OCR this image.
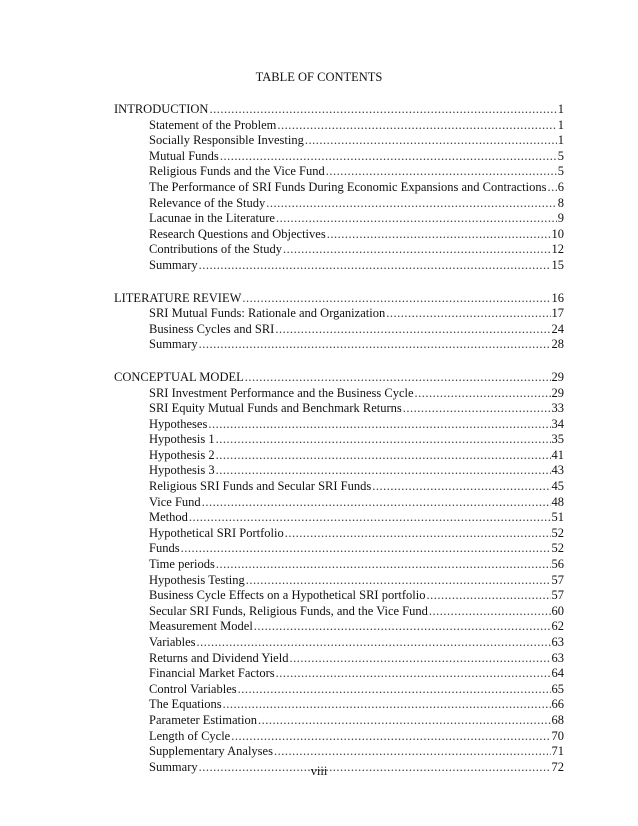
TABLE OF CONTENTS
INTRODUCTION .....	1
Statement of the Problem .....	1
Socially Responsible Investing .....	1
Mutual Funds .....	5
Religious Funds and the Vice Fund .....	5
The Performance of SRI Funds During Economic Expansions and Contractions ..... 6
Relevance of the Study .....	8
Lacunae in the Literature .....	9
Research Questions and Objectives .....	10
Contributions of the Study .....	12
Summary .....	15
LITERATURE REVIEW .....	16
SRI Mutual Funds: Rationale and Organization .....	17
Business Cycles and SRI .....	24
Summary .....	28
CONCEPTUAL MODEL .....	29
SRI Investment Performance and the Business Cycle .....	29
SRI Equity Mutual Funds and Benchmark Returns .....	33
Hypotheses .....	34
Hypothesis 1 .....	35
Hypothesis 2 .....	41
Hypothesis 3 .....	43
Religious SRI Funds and Secular SRI Funds .....	45
Vice Fund .....	48
Method .....	51
Hypothetical SRI Portfolio .....	52
Funds .....	52
Time periods .....	56
Hypothesis Testing .....	57
Business Cycle Effects on a Hypothetical SRI portfolio .....	57
Secular SRI Funds, Religious Funds, and the Vice Fund .....	60
Measurement Model .....	62
Variables .....	63
Returns and Dividend Yield .....	63
Financial Market Factors .....	64
Control Variables .....	65
The Equations .....	66
Parameter Estimation .....	68
Length of Cycle .....	70
Supplementary Analyses .....	71
Summary .....	72
viii
